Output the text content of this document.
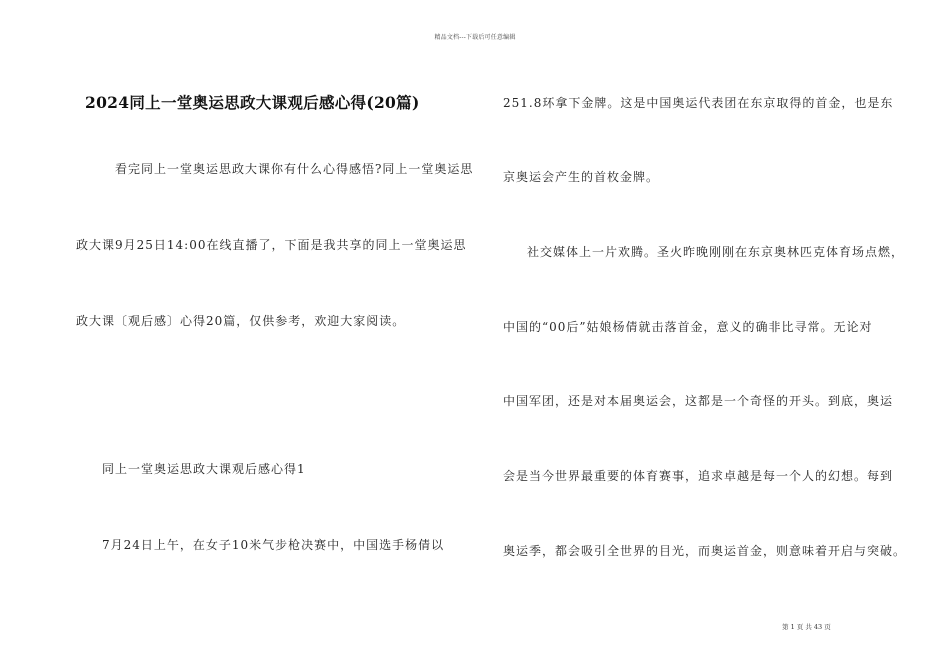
精品文档---下载后可任意编辑
2024同上一堂奥运思政大课观后感心得(20篇)
看完同上一堂奥运思政大课你有什么心得感悟?同上一堂奥运思
政大课9月25日14:00在线直播了，下面是我共享的同上一堂奥运思
政大课〔观后感〕心得20篇，仅供参考，欢迎大家阅读。
同上一堂奥运思政大课观后感心得1
7月24日上午，在女子10米气步枪决赛中，中国选手杨倩以
251.8环拿下金牌。这是中国奥运代表团在东京取得的首金，也是东
京奥运会产生的首枚金牌。
社交媒体上一片欢腾。圣火昨晚刚刚在东京奥林匹克体育场点燃，
中国的“00后”姑娘杨倩就击落首金，意义的确非比寻常。无论对
中国军团，还是对本届奥运会，这都是一个奇怪的开头。到底，奥运
会是当今世界最重要的体育赛事，追求卓越是每一个人的幻想。每到
奥运季，都会吸引全世界的目光，而奥运首金，则意味着开启与突破。
第 1 页 共 43 页
